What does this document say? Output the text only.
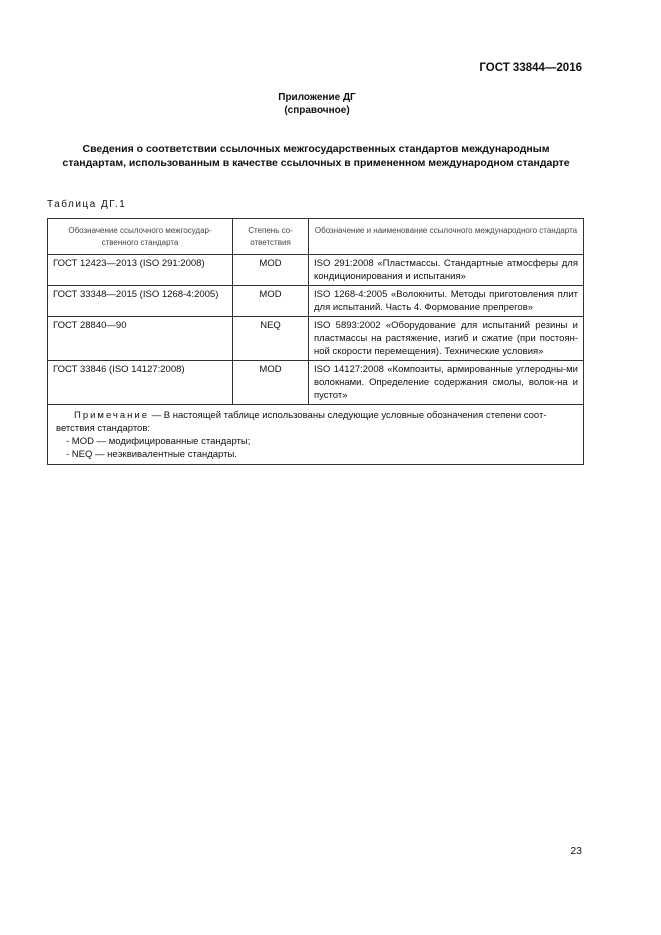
ГОСТ 33844—2016
Приложение ДГ
(справочное)
Сведения о соответствии ссылочных межгосударственных стандартов международным стандартам, использованным в качестве ссылочных в примененном международном стандарте
Таблица ДГ.1
Обозначение ссылочного межгосудар-ственного стандарта	Степень со-ответствия	Обозначение и наименование ссылочного международного стандарта
ГОСТ 12423—2013 (ISO 291:2008)	MOD	ISO 291:2008 «Пластмассы. Стандартные атмосферы для кондиционирования и испытания»
ГОСТ 33348—2015 (ISO 1268-4:2005)	MOD	ISO 1268-4:2005 «Волокниты. Методы приготовления плит для испытаний. Часть 4. Формование препрегов»
ГОСТ 28840—90	NEQ	ISO 5893:2002 «Оборудование для испытаний резины и пластмассы на растяжение, изгиб и сжатие (при постоян-ной скорости перемещения). Технические условия»
ГОСТ 33846 (ISO 14127:2008)	MOD	ISO 14127:2008 «Композиты, армированные углеродны-ми волокнами. Определение содержания смолы, волок-на и пустот»

Примечание — В настоящей таблице использованы следующие условные обозначения степени соот-ветствия стандартов:
- MOD — модифицированные стандарты;
- NEQ — неэквивалентные стандарты.		
23
